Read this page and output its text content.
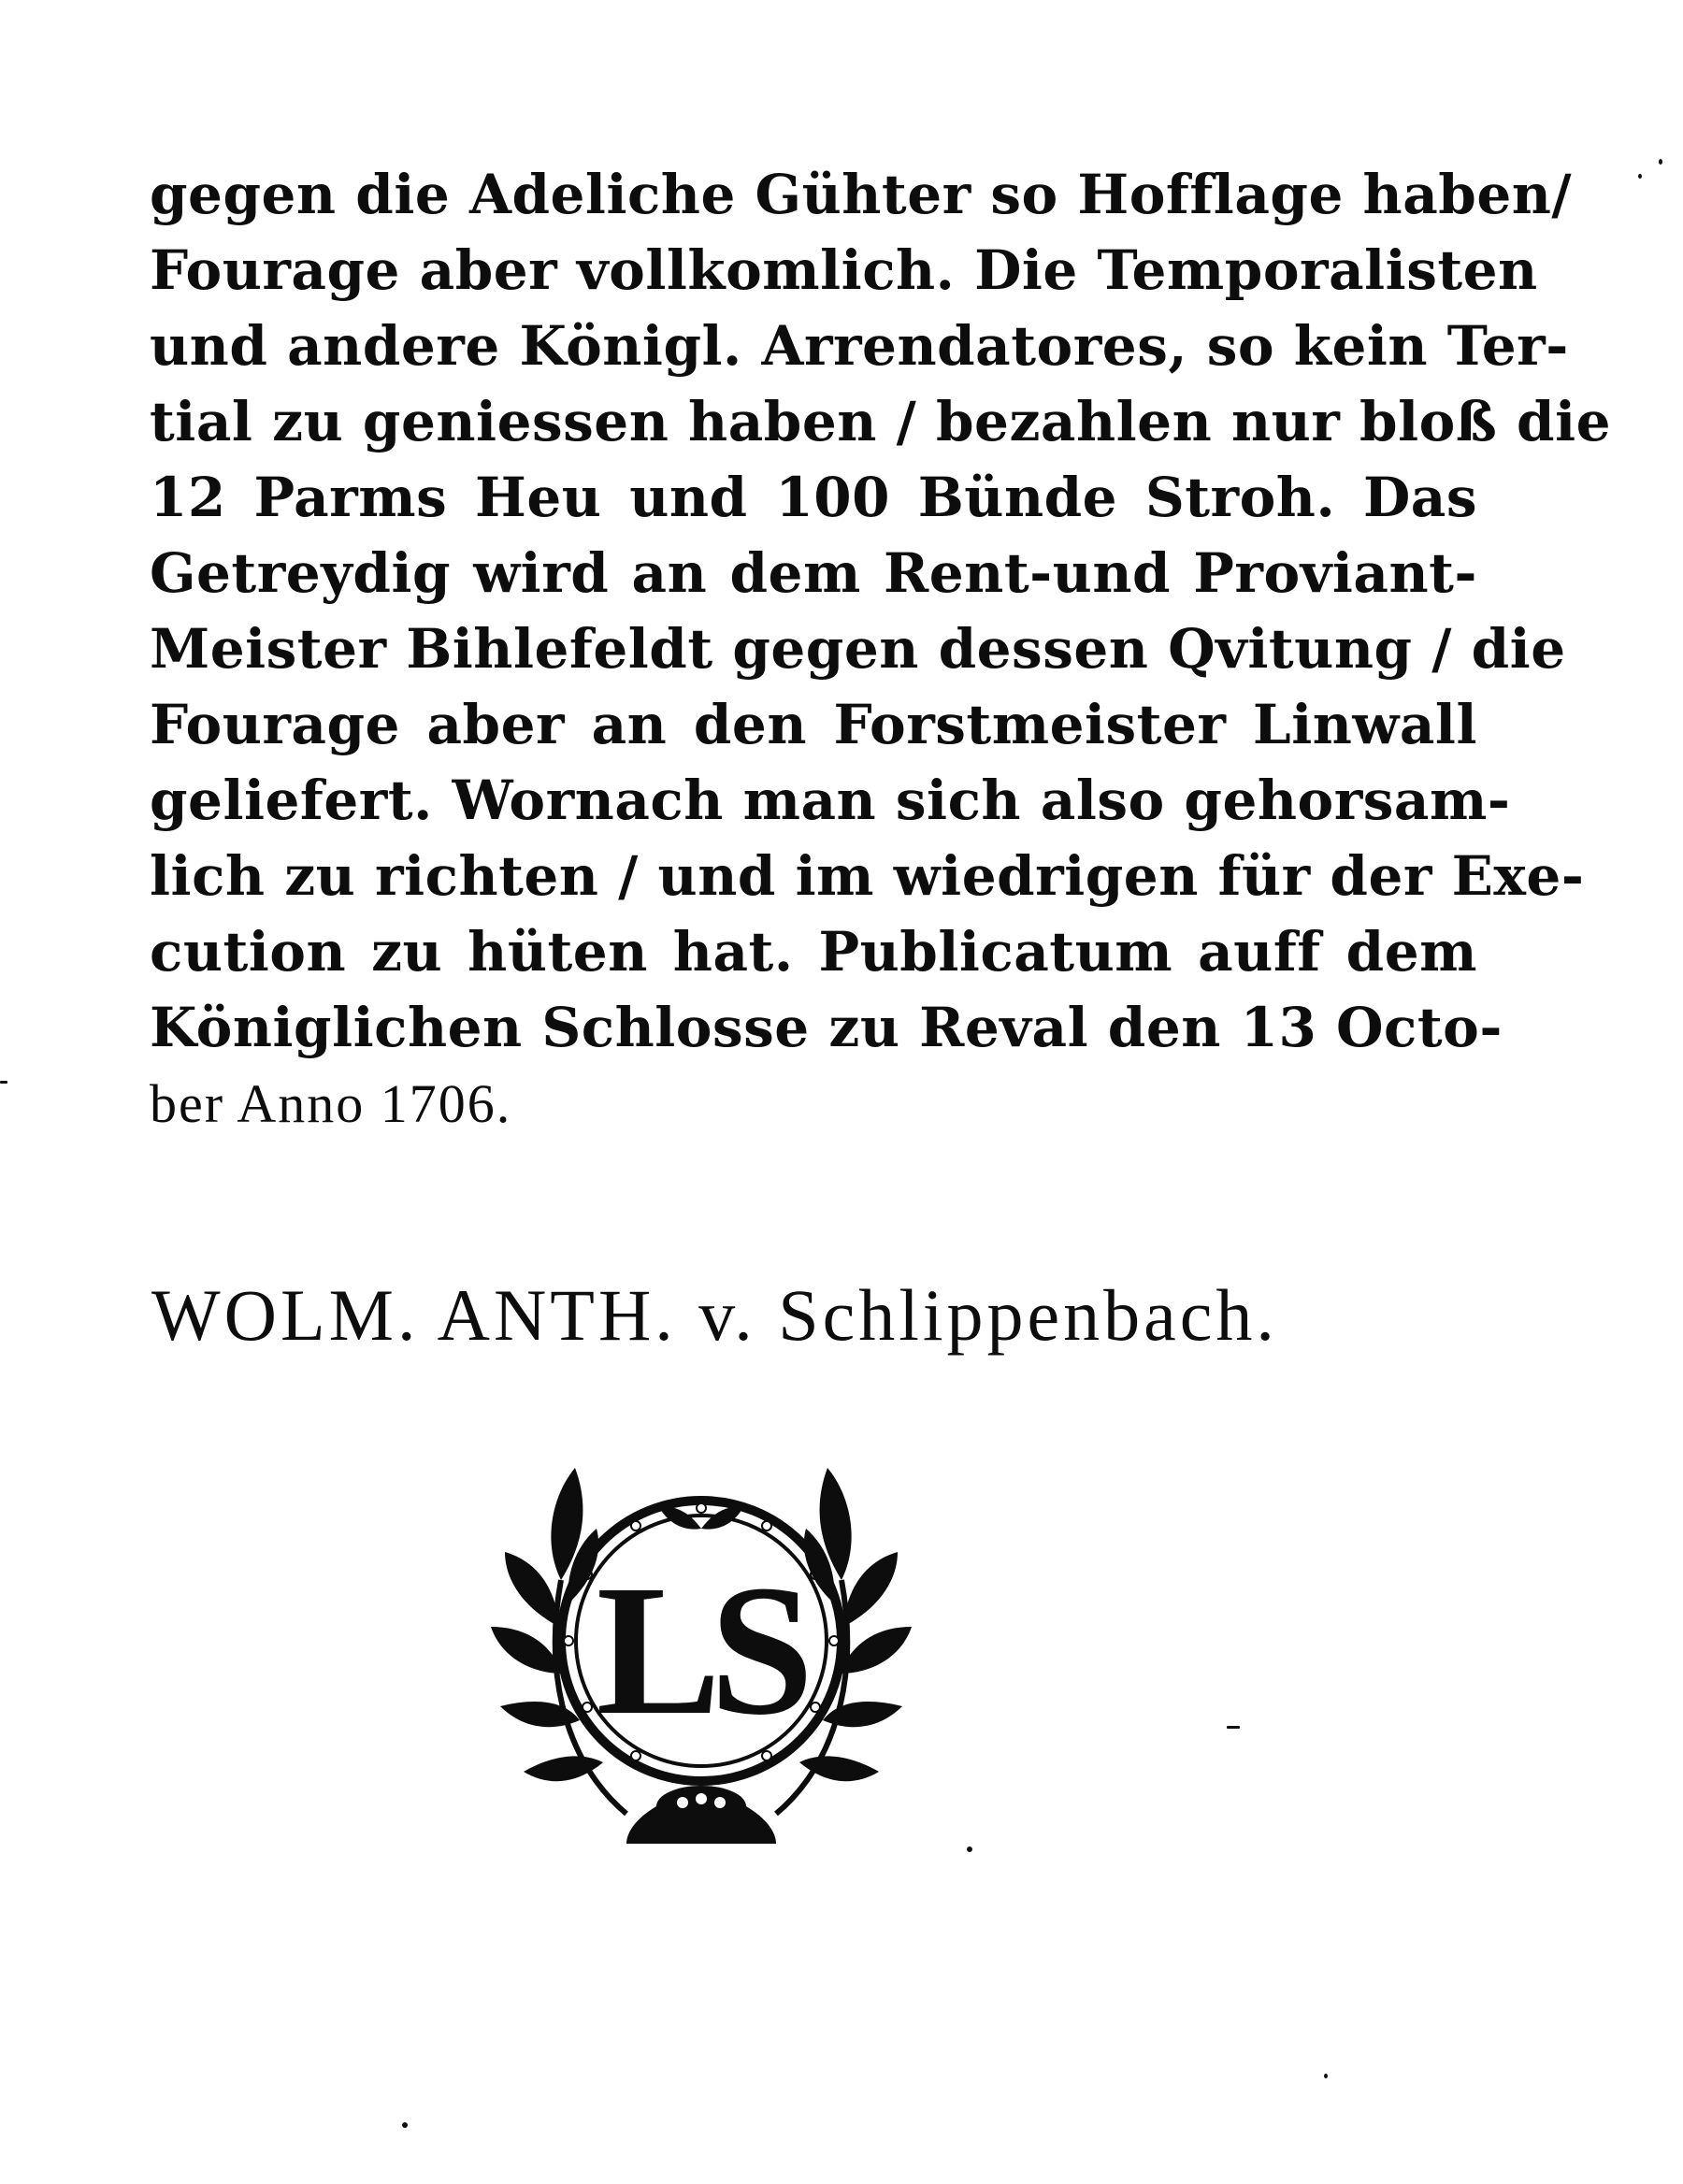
gegen die Adeliche Gühter so Hofflage haben/
Fourage aber vollkomlich. Die Temporalisten
und andere Königl. Arrendatores, so kein Ter-
tial zu geniessen haben / bezahlen nur bloß die
12 Parms Heu und 100 Bünde Stroh. Das
Getreydig wird an dem Rent-und Proviant-
Meister Bihlefeldt gegen dessen Qvitung / die
Fourage aber an den Forstmeister Linwall
geliefert. Wornach man sich also gehorsam-
lich zu richten / und im wiedrigen für der Exe-
cution zu hüten hat. Publicatum auff dem
Königlichen Schlosse zu Reval den 13 Octo-
ber Anno 1706.
WOLM. ANTH. v. Schlippenbach.
LS
